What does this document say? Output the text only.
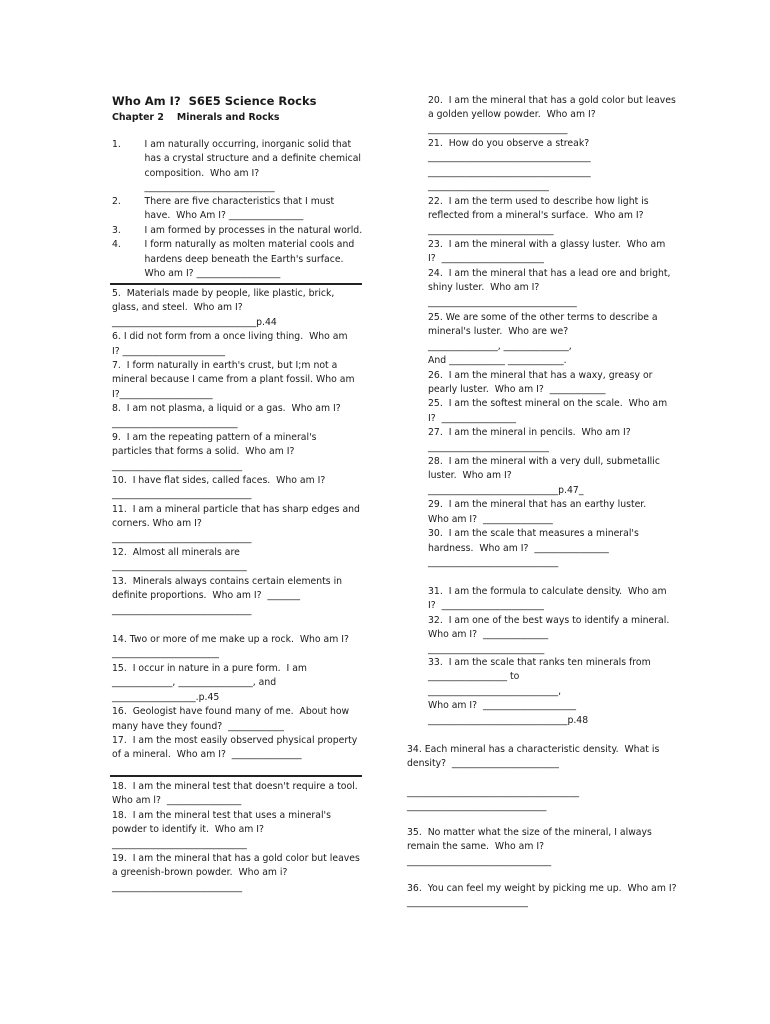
Who Am I?  S6E5 Science Rocks
Chapter 2    Minerals and Rocks
1.        I am naturally occurring, inorganic solid that
has a crystal structure and a definite chemical
composition.  Who am I?
____________________________
2.        There are five characteristics that I must
have.  Who Am I? ________________
3.        I am formed by processes in the natural world.
4.        I form naturally as molten material cools and
hardens deep beneath the Earth's surface.
Who am I? __________________
5.  Materials made by people, like plastic, brick,
glass, and steel.  Who am I?
_______________________________p.44
6. I did not form from a once living thing.  Who am
I? ______________________
7.  I form naturally in earth's crust, but I;m not a
mineral because I came from a plant fossil. Who am
I?____________________
8.  I am not plasma, a liquid or a gas.  Who am I?
___________________________
9.  I am the repeating pattern of a mineral's
particles that forms a solid.  Who am I?
____________________________
10.  I have flat sides, called faces.  Who am I?
______________________________
11.  I am a mineral particle that has sharp edges and
corners. Who am I?
______________________________
12.  Almost all minerals are
_____________________________
13.  Minerals always contains certain elements in
definite proportions.  Who am I?  _______
______________________________
14. Two or more of me make up a rock.  Who am I?
_______________________
15.  I occur in nature in a pure form.  I am
_____________, ________________, and
__________________.p.45
16.  Geologist have found many of me.  About how
many have they found?  ____________
17.  I am the most easily observed physical property
of a mineral.  Who am I?  _______________
18.  I am the mineral test that doesn't require a tool.
Who am l?  ________________
18.  I am the mineral test that uses a mineral's
powder to identify it.  Who am I?
_____________________________
19.  I am the mineral that has a gold color but leaves
a greenish-brown powder.  Who am i?
____________________________
20.  I am the mineral that has a gold color but leaves
a golden yellow powder.  Who am I?
______________________________
21.  How do you observe a streak?
___________________________________
___________________________________
__________________________
22.  I am the term used to describe how light is
reflected from a mineral's surface.  Who am I?
___________________________
23.  I am the mineral with a glassy luster.  Who am
I?  ______________________
24.  I am the mineral that has a lead ore and bright,
shiny luster.  Who am I?
________________________________
25. We are some of the other terms to describe a
mineral's luster.  Who are we?
_______________, ______________,
And ____________ ____________.
26.  I am the mineral that has a waxy, greasy or
pearly luster.  Who am I?  ____________
25.  I am the softest mineral on the scale.  Who am
I?  ________________
27.  I am the mineral in pencils.  Who am I?
__________________________
28.  I am the mineral with a very dull, submetallic
luster.  Who am I?
____________________________p.47_
29.  I am the mineral that has an earthy luster.
Who am I?  _______________
30.  I am the scale that measures a mineral's
hardness.  Who am I?  ________________
____________________________
31.  I am the formula to calculate density.  Who am
I?  ______________________
32.  I am one of the best ways to identify a mineral.
Who am I?  ______________
_________________________
33.  I am the scale that ranks ten minerals from
_________________ to
____________________________,
Who am I?  ____________________
______________________________p.48
34. Each mineral has a characteristic density.  What is
density?  _______________________
_____________________________________
______________________________
35.  No matter what the size of the mineral, I always
remain the same.  Who am I?
_______________________________
36.  You can feel my weight by picking me up.  Who am I?
__________________________
